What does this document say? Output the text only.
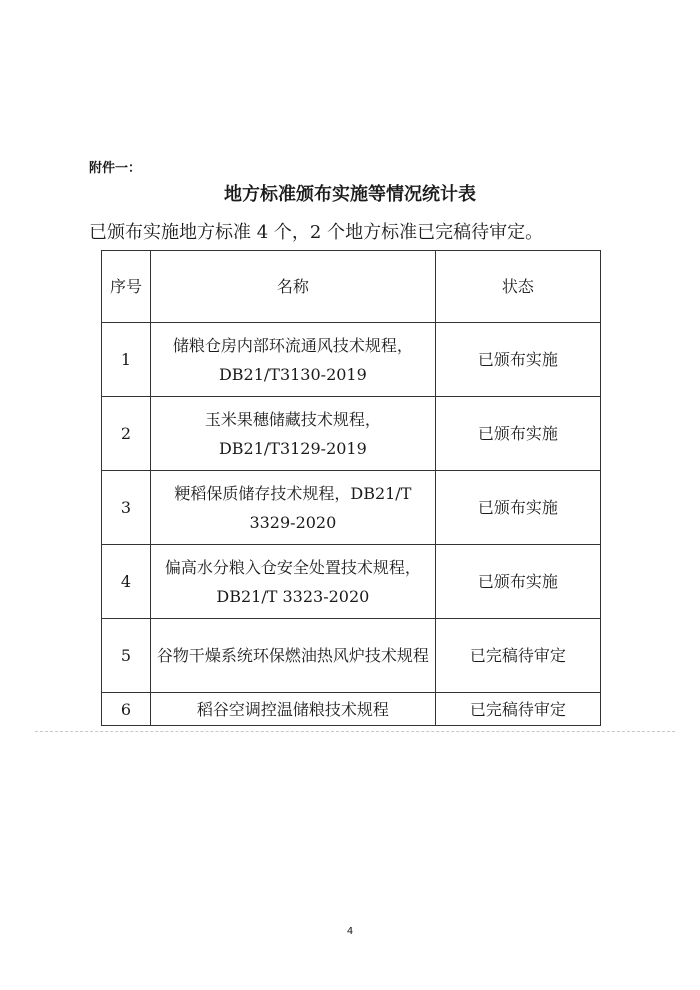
附件一：
地方标准颁布实施等情况统计表
已颁布实施地方标准 4 个，2 个地方标准已完稿待审定。
序号	名称	状态
1	储粮仓房内部环流通风技术规程，DB21/T3130-2019	已颁布实施
2	玉米果穗储藏技术规程，DB21/T3129-2019	已颁布实施
3	粳稻保质储存技术规程，DB21/T 3329-2020	已颁布实施
4	偏高水分粮入仓安全处置技术规程，DB21/T 3323-2020	已颁布实施
5	谷物干燥系统环保燃油热风炉技术规程	已完稿待审定
6	稻谷空调控温储粮技术规程	已完稿待审定
4
